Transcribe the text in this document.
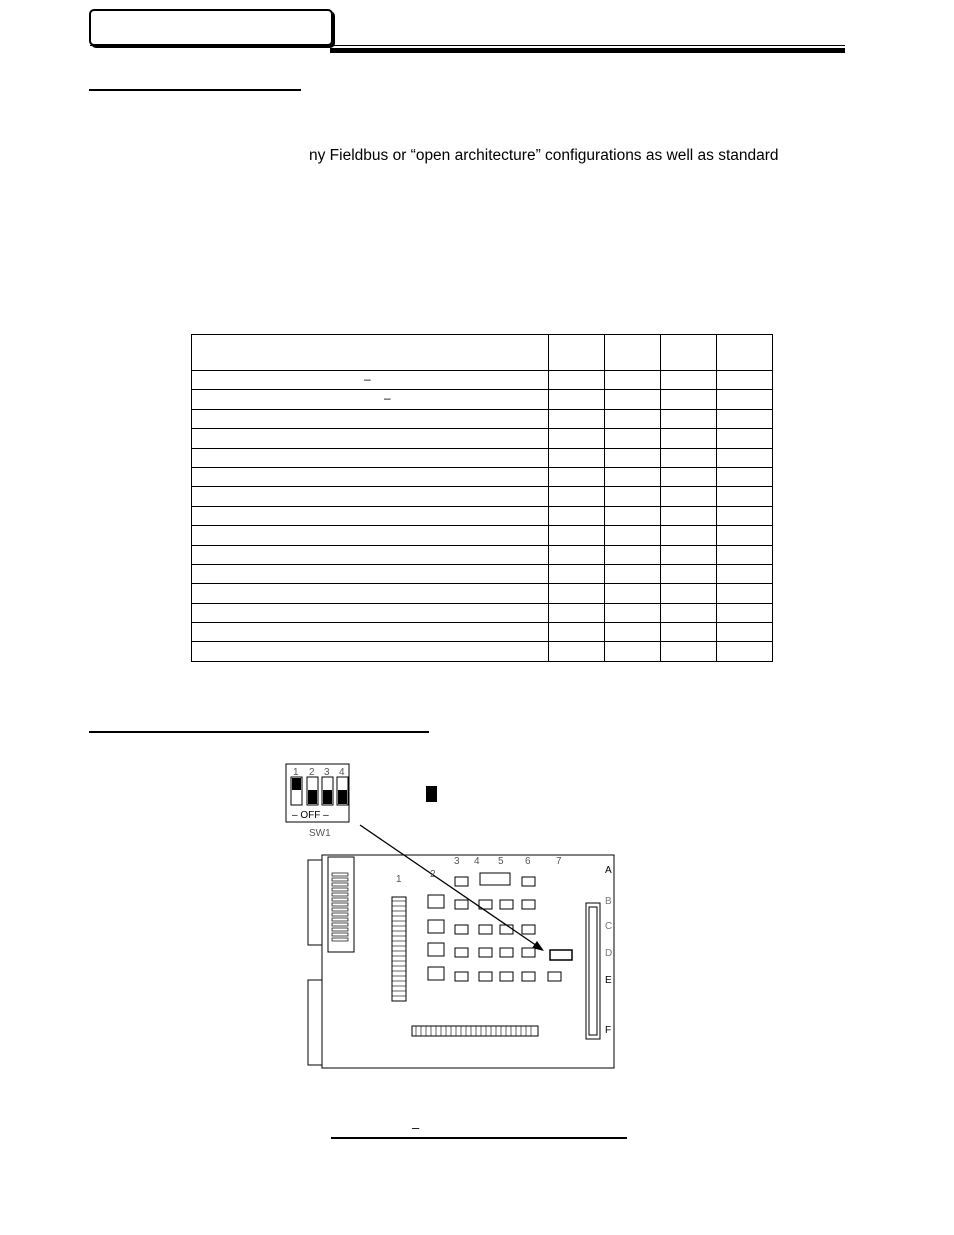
ny Fieldbus or “open architecture” configurations as well as standard

–				

–				

1 2 3 4
– OFF –
SW1
1	2
3 4 5 6	7
A
B
C
D
E
F
–
